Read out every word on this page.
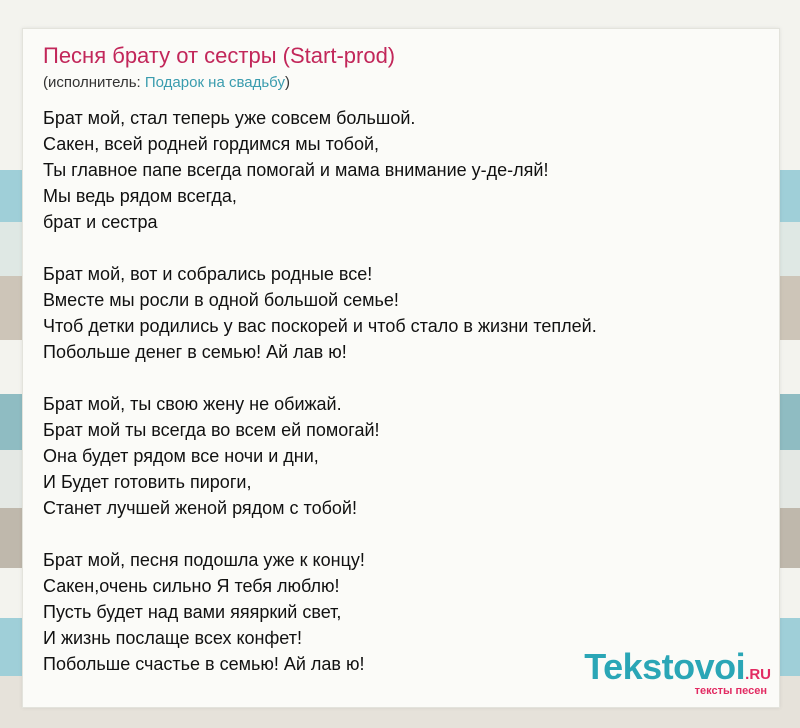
Песня брату от сестры (Start-prod)
(исполнитель: Подарок на свадьбу)
Брат мой, стал теперь уже совсем большой.
Сакен, всей родней гордимся мы тобой,
Ты главное папе всегда помогай и мама внимание у-де-ляй!
Мы ведь рядом всегда,
брат и сестра
Брат мой, вот и собрались родные все!
Вместе мы росли в одной большой семье!
Чтоб детки родились у вас поскорей и чтоб стало в жизни теплей.
Побольше денег в семью! Ай лав ю!
Брат мой, ты свою жену не обижай.
Брат мой ты всегда во всем ей помогай!
Она будет рядом все ночи и дни,
И Будет готовить пироги,
Станет лучшей женой рядом с тобой!
Брат мой, песня подошла уже к концу!
Сакен,очень сильно Я тебя люблю!
Пусть будет над вами яяяркий свет,
И жизнь послаще всех конфет!
Побольше счастье в семью! Ай лав ю!	Tekstovoi.RU
тексты песен
